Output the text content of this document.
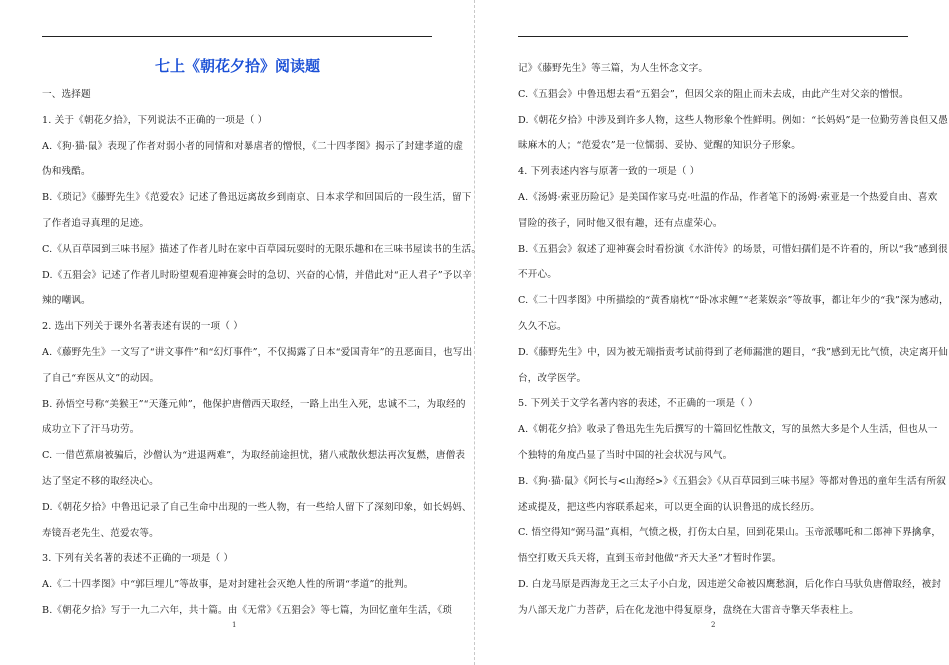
七上《朝花夕拾》阅读题
一、选择题
1. 关于《朝花夕拾》，下列说法不正确的一项是（ ）
A.《狗·猫·鼠》表现了作者对弱小者的同情和对暴虐者的憎恨，《二十四孝图》揭示了封建孝道的虚
伪和残酷。
B.《琐记》《藤野先生》《范爱农》记述了鲁迅远离故乡到南京、日本求学和回国后的一段生活，留下
了作者追寻真理的足迹。
C.《从百草园到三味书屋》描述了作者儿时在家中百草园玩耍时的无限乐趣和在三味书屋读书的生活。
D.《五猖会》记述了作者儿时盼望观看迎神赛会时的急切、兴奋的心情，并借此对“正人君子”予以辛
辣的嘲讽。
2. 选出下列关于课外名著表述有误的一项（ ）
A.《藤野先生》一文写了“讲文事件”和“幻灯事件”，不仅揭露了日本“爱国青年”的丑恶面目，也写出
了自己“弃医从文”的动因。
B. 孙悟空号称“美猴王”“天蓬元帅”，他保护唐僧西天取经，一路上出生入死，忠诚不二，为取经的
成功立下了汗马功劳。
C. 一借芭蕉扇被骗后，沙僧认为“进退两难”，为取经前途担忧，猪八戒散伙想法再次复燃，唐僧表
达了坚定不移的取经决心。
D.《朝花夕拾》中鲁迅记录了自己生命中出现的一些人物，有一些给人留下了深刻印象，如长妈妈、
寿镜吾老先生、范爱农等。
3. 下列有关名著的表述不正确的一项是（ ）
A.《二十四孝图》中“郭巨埋儿”等故事，是对封建社会灭绝人性的所谓“孝道”的批判。
B.《朝花夕拾》写于一九二六年，共十篇。由《无常》《五猖会》等七篇，为回忆童年生活，《琐
1
记》《藤野先生》等三篇，为人生怀念文字。
C.《五猖会》中鲁迅想去看“五猖会”，但因父亲的阻止而未去成，由此产生对父亲的憎恨。
D.《朝花夕拾》中涉及到许多人物，这些人物形象个性鲜明。例如：“长妈妈”是一位勤劳善良但又愚
昧麻木的人；“范爱农”是一位懦弱、妥协、觉醒的知识分子形象。
4. 下列表述内容与原著一致的一项是（ ）
A.《汤姆·索亚历险记》是美国作家马克·吐温的作品，作者笔下的汤姆·索亚是一个热爱自由、喜欢
冒险的孩子，同时他又很有趣，还有点虚荣心。
B.《五猖会》叙述了迎神赛会时看扮演《水浒传》的场景，可惜妇孺们是不许看的，所以“我”感到很
不开心。
C.《二十四孝图》中所描绘的“黄香扇枕”“卧冰求鲤”“老莱娱亲”等故事，都让年少的“我”深为感动，
久久不忘。
D.《藤野先生》中，因为被无端指责考试前得到了老师漏泄的题目，“我”感到无比气愤，决定离开仙
台，改学医学。
5. 下列关于文学名著内容的表述，不正确的一项是（ ）
A.《朝花夕拾》收录了鲁迅先生先后撰写的十篇回忆性散文，写的虽然大多是个人生活，但也从一
个独特的角度凸显了当时中国的社会状况与风气。
B.《狗·猫·鼠》《阿长与<山海经>》《五猖会》《从百草园到三味书屋》等都对鲁迅的童年生活有所叙
述或提及，把这些内容联系起来，可以更全面的认识鲁迅的成长经历。
C. 悟空得知“弼马温”真相，气愤之极，打伤太白星，回到花果山。玉帝派哪吒和二郎神下界擒拿，
悟空打败天兵天将，直到玉帝封他做“齐天大圣”才暂时作罢。
D. 白龙马原是西海龙王之三太子小白龙，因违逆父命被囚鹰愁涧，后化作白马驮负唐僧取经，被封
为八部天龙广力菩萨，后在化龙池中得复原身，盘绕在大雷音寺擎天华表柱上。
2
